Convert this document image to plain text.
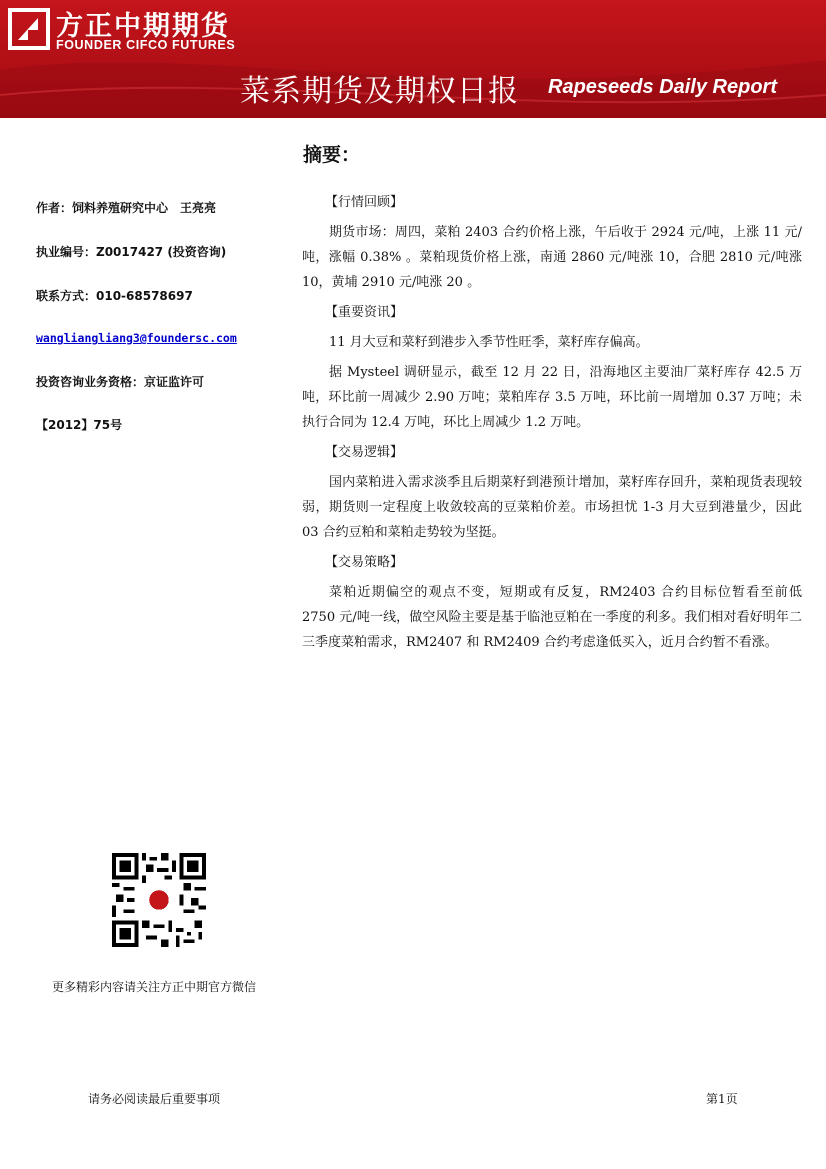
方正中期期货
FOUNDER CIFCO FUTURES
菜系期货及期权日报 Rapeseeds Daily Report
摘要：
作者：饲料养殖研究中心　王亮亮
执业编号：Z0017427 (投资咨询)
联系方式：010-68578697
wangliangliang3@foundersc.com
投资咨询业务资格：京证监许可
【2012】75号
【行情回顾】
期货市场：周四，菜粕 2403 合约价格上涨，午后收于 2924 元/吨，上涨 11 元/吨，涨幅 0.38% 。菜粕现货价格上涨，南通 2860 元/吨涨 10，合肥 2810 元/吨涨 10，黄埔 2910 元/吨涨 20 。
【重要资讯】
11 月大豆和菜籽到港步入季节性旺季，菜籽库存偏高。
据 Mysteel 调研显示，截至 12 月 22 日，沿海地区主要油厂菜籽库存 42.5 万吨，环比前一周减少 2.90 万吨；菜粕库存 3.5 万吨，环比前一周增加 0.37 万吨；未执行合同为 12.4 万吨，环比上周减少 1.2 万吨。
【交易逻辑】
国内菜粕进入需求淡季且后期菜籽到港预计增加，菜籽库存回升，菜粕现货表现较弱，期货则一定程度上收敛较高的豆菜粕价差。市场担忧 1-3 月大豆到港量少，因此 03 合约豆粕和菜粕走势较为坚挺。
【交易策略】
菜粕近期偏空的观点不变，短期或有反复，RM2403 合约目标位暂看至前低 2750 元/吨一线，做空风险主要是基于临池豆粕在一季度的利多。我们相对看好明年二三季度菜粕需求，RM2407 和 RM2409 合约考虑逢低买入，近月合约暂不看涨。
更多精彩内容请关注方正中期官方微信
请务必阅读最后重要事项	第1页
